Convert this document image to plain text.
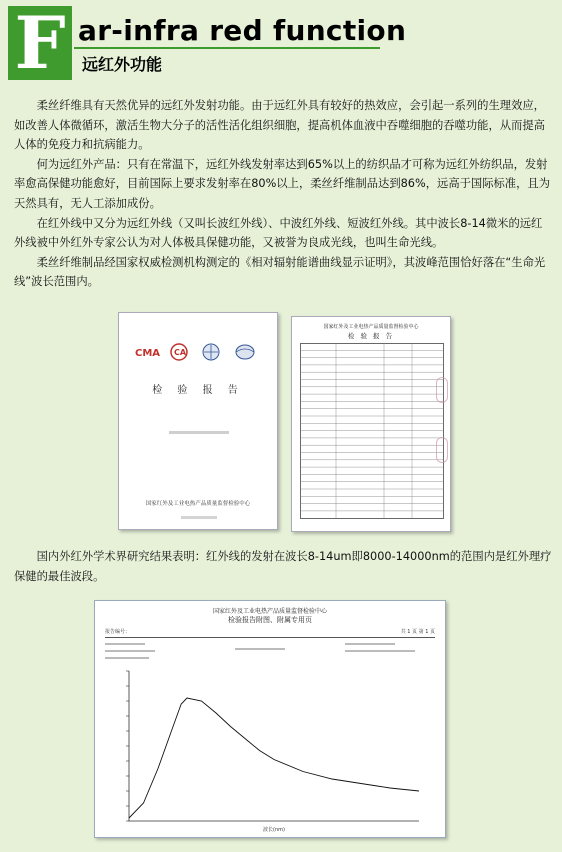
F ar-infra red function
远红外功能

柔丝纤维具有天然优异的远红外发射功能。由于远红外具有较好的热效应，会引起一系列的生理效应，如改善人体微循环，激活生物大分子的活性活化组织细胞，提高机体血液中吞噬细胞的吞噬功能，从而提高人体的免疫力和抗病能力。

何为远红外产品：只有在常温下，远红外线发射率达到65%以上的纺织品才可称为远红外纺织品，发射率愈高保健功能愈好，目前国际上要求发射率在80%以上，柔丝纤维制品达到86%，远高于国际标准，且为天然具有，无人工添加成份。

在红外线中又分为远红外线（又叫长波红外线）、中波红外线、短波红外线。其中波长8-14微米的远红外线被中外红外专家公认为对人体极具保健功能，又被誉为良成光线，也叫生命光线。

柔丝纤维制品经国家权威检测机构测定的《相对辐射能谱曲线显示证明》，其波峰范围恰好落在“生命光线”波长范围内。

CMA CA
检 验 报 告
国家红外及工业电热产品质量监督检验中心
国家红外及工业电热产品质量监督检验中心
检 验 报 告

国内外红外学术界研究结果表明：红外线的发射在波长8-14um即8000-14000nm的范围内是红外理疗保健的最佳波段。

国家红外及工业电热产品质量监督检验中心
检验报告附图、附属专用页
报告编号：	共 1 页 第 1 页
波长(nm)
